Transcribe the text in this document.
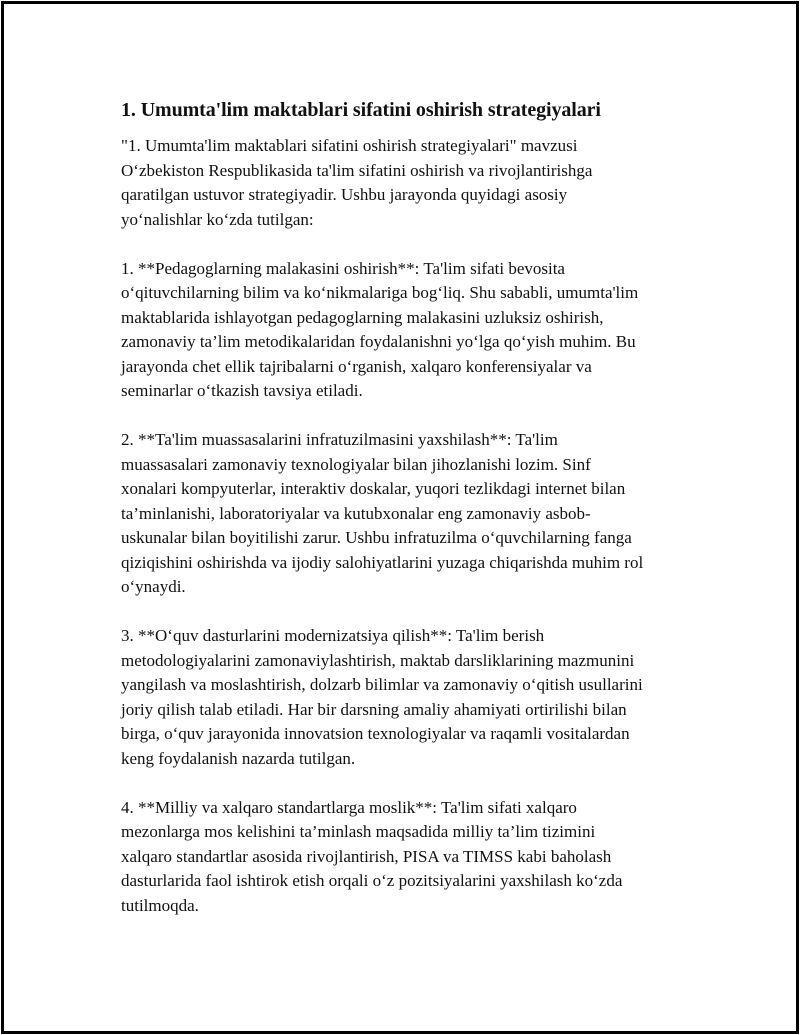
1. Umumta'lim maktablari sifatini oshirish strategiyalari

"1. Umumta'lim maktablari sifatini oshirish strategiyalari" mavzusi
O‘zbekiston Respublikasida ta'lim sifatini oshirish va rivojlantirishga
qaratilgan ustuvor strategiyadir. Ushbu jarayonda quyidagi asosiy
yo‘nalishlar ko‘zda tutilgan:

1. **Pedagoglarning malakasini oshirish**: Ta'lim sifati bevosita
o‘qituvchilarning bilim va ko‘nikmalariga bog‘liq. Shu sababli, umumta'lim
maktablarida ishlayotgan pedagoglarning malakasini uzluksiz oshirish,
zamonaviy ta’lim metodikalaridan foydalanishni yo‘lga qo‘yish muhim. Bu
jarayonda chet ellik tajribalarni o‘rganish, xalqaro konferensiyalar va
seminarlar o‘tkazish tavsiya etiladi.

2. **Ta'lim muassasalarini infratuzilmasini yaxshilash**: Ta'lim
muassasalari zamonaviy texnologiyalar bilan jihozlanishi lozim. Sinf
xonalari kompyuterlar, interaktiv doskalar, yuqori tezlikdagi internet bilan
ta’minlanishi, laboratoriyalar va kutubxonalar eng zamonaviy asbob-
uskunalar bilan boyitilishi zarur. Ushbu infratuzilma o‘quvchilarning fanga
qiziqishini oshirishda va ijodiy salohiyatlarini yuzaga chiqarishda muhim rol
o‘ynaydi.

3. **O‘quv dasturlarini modernizatsiya qilish**: Ta'lim berish
metodologiyalarini zamonaviylashtirish, maktab darsliklarining mazmunini
yangilash va moslashtirish, dolzarb bilimlar va zamonaviy o‘qitish usullarini
joriy qilish talab etiladi. Har bir darsning amaliy ahamiyati ortirilishi bilan
birga, o‘quv jarayonida innovatsion texnologiyalar va raqamli vositalardan
keng foydalanish nazarda tutilgan.

4. **Milliy va xalqaro standartlarga moslik**: Ta'lim sifati xalqaro
mezonlarga mos kelishini ta’minlash maqsadida milliy ta’lim tizimini
xalqaro standartlar asosida rivojlantirish, PISA va TIMSS kabi baholash
dasturlarida faol ishtirok etish orqali o‘z pozitsiyalarini yaxshilash ko‘zda
tutilmoqda.
